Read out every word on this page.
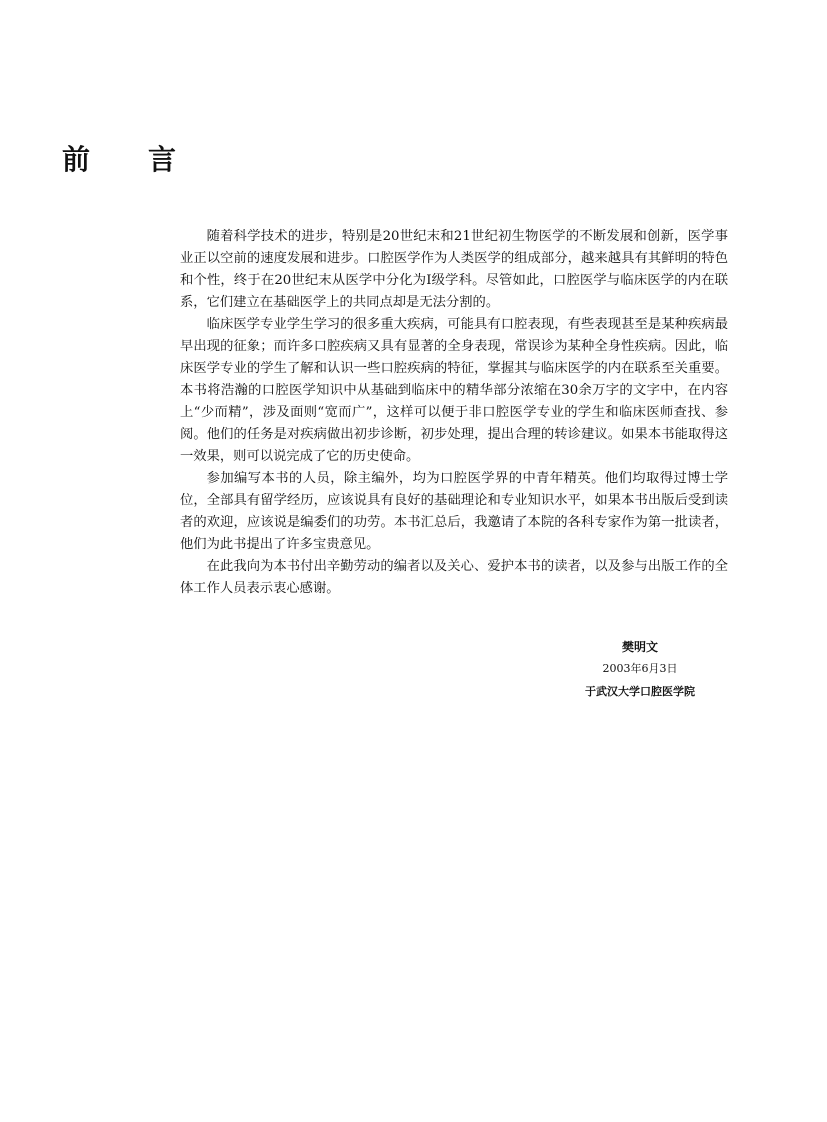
前 言

随着科学技术的进步，特别是20世纪末和21世纪初生物医学的不断发展和创新，医学事业正以空前的速度发展和进步。口腔医学作为人类医学的组成部分，越来越具有其鲜明的特色和个性，终于在20世纪末从医学中分化为Ⅰ级学科。尽管如此，口腔医学与临床医学的内在联系，它们建立在基础医学上的共同点却是无法分割的。

临床医学专业学生学习的很多重大疾病，可能具有口腔表现，有些表现甚至是某种疾病最早出现的征象；而许多口腔疾病又具有显著的全身表现，常误诊为某种全身性疾病。因此，临床医学专业的学生了解和认识一些口腔疾病的特征，掌握其与临床医学的内在联系至关重要。本书将浩瀚的口腔医学知识中从基础到临床中的精华部分浓缩在30余万字的文字中，在内容上“少而精”，涉及面则“宽而广”，这样可以便于非口腔医学专业的学生和临床医师查找、参阅。他们的任务是对疾病做出初步诊断，初步处理，提出合理的转诊建议。如果本书能取得这一效果，则可以说完成了它的历史使命。

参加编写本书的人员，除主编外，均为口腔医学界的中青年精英。他们均取得过博士学位，全部具有留学经历，应该说具有良好的基础理论和专业知识水平，如果本书出版后受到读者的欢迎，应该说是编委们的功劳。本书汇总后，我邀请了本院的各科专家作为第一批读者，他们为此书提出了许多宝贵意见。

在此我向为本书付出辛勤劳动的编者以及关心、爱护本书的读者，以及参与出版工作的全体工作人员表示衷心感谢。

樊明文
2003年6月3日
于武汉大学口腔医学院
